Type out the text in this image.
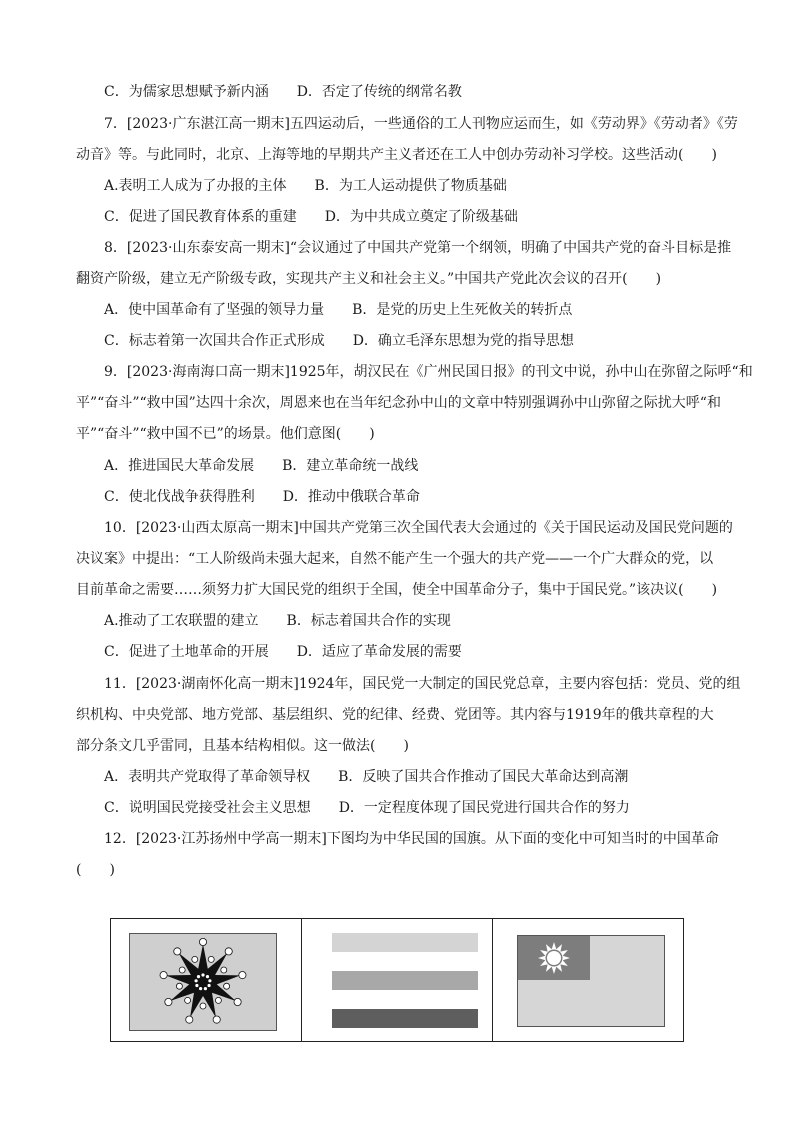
C．为儒家思想赋予新内涵　　D．否定了传统的纲常名教
7．[2023·广东湛江高一期末]五四运动后，一些通俗的工人刊物应运而生，如《劳动界》《劳动者》《劳
动音》等。与此同时，北京、上海等地的早期共产主义者还在工人中创办劳动补习学校。这些活动(　　)
A.表明工人成为了办报的主体　　B．为工人运动提供了物质基础
C．促进了国民教育体系的重建　　D．为中共成立奠定了阶级基础
8．[2023·山东泰安高一期末]“会议通过了中国共产党第一个纲领，明确了中国共产党的奋斗目标是推
翻资产阶级，建立无产阶级专政，实现共产主义和社会主义。”中国共产党此次会议的召开(　　)
A．使中国革命有了坚强的领导力量　　B．是党的历史上生死攸关的转折点
C．标志着第一次国共合作正式形成　　D．确立毛泽东思想为党的指导思想
9．[2023·海南海口高一期末]1925年，胡汉民在《广州民国日报》的刊文中说，孙中山在弥留之际呼“和
平”“奋斗”“救中国”达四十余次，周恩来也在当年纪念孙中山的文章中特别强调孙中山弥留之际扰大呼“和
平”“奋斗”“救中国不已”的场景。他们意图(　　)
A．推进国民大革命发展　　B．建立革命统一战线
C．使北伐战争获得胜利　　D．推动中俄联合革命
10．[2023·山西太原高一期末]中国共产党第三次全国代表大会通过的《关于国民运动及国民党问题的
决议案》中提出：“工人阶级尚未强大起来，自然不能产生一个强大的共产党——一个广大群众的党，以
目前革命之需要……须努力扩大国民党的组织于全国，使全中国革命分子，集中于国民党。”该决议(　　)
A.推动了工农联盟的建立　　B．标志着国共合作的实现
C．促进了土地革命的开展　　D．适应了革命发展的需要
11．[2023·湖南怀化高一期末]1924年，国民党一大制定的国民党总章，主要内容包括：党员、党的组
织机构、中央党部、地方党部、基层组织、党的纪律、经费、党团等。其内容与1919年的俄共章程的大
部分条文几乎雷同，且基本结构相似。这一做法(　　)
A．表明共产党取得了革命领导权　　B．反映了国共合作推动了国民大革命达到高潮
C．说明国民党接受社会主义思想　　D．一定程度体现了国民党进行国共合作的努力
12．[2023·江苏扬州中学高一期末]下图均为中华民国的国旗。从下面的变化中可知当时的中国革命
(　　)
